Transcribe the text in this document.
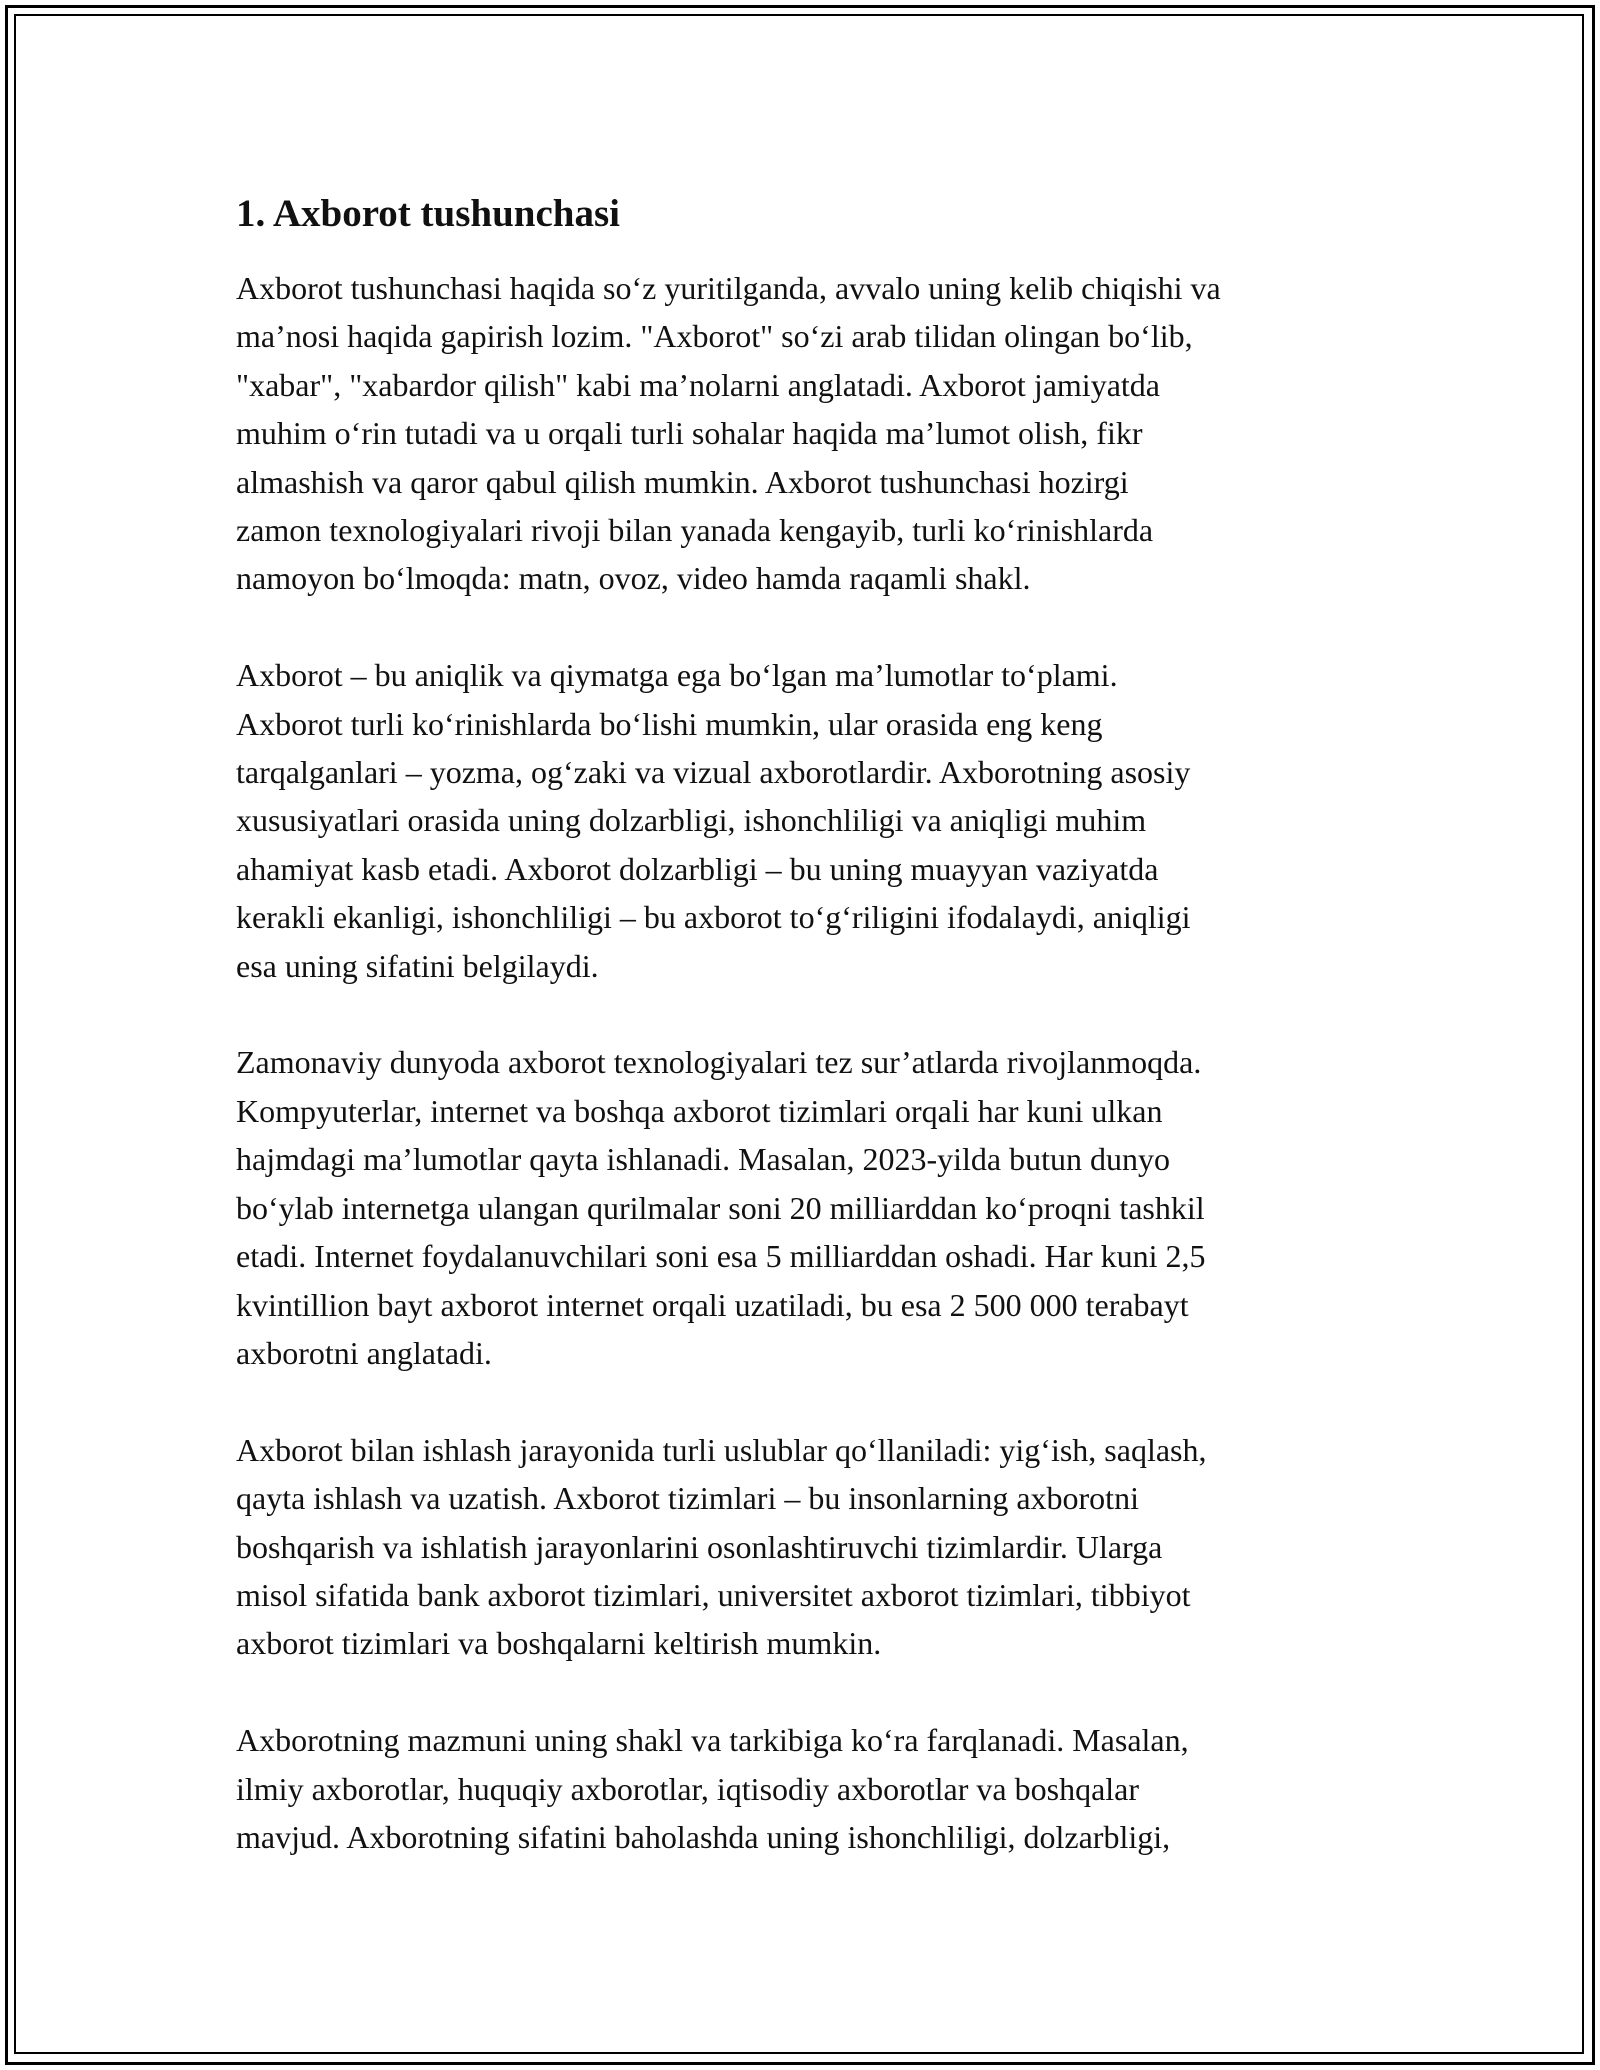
1. Axborot tushunchasi
Axborot tushunchasi haqida so‘z yuritilganda, avvalo uning kelib chiqishi va
ma’nosi haqida gapirish lozim. "Axborot" so‘zi arab tilidan olingan bo‘lib,
"xabar", "xabardor qilish" kabi ma’nolarni anglatadi. Axborot jamiyatda
muhim o‘rin tutadi va u orqali turli sohalar haqida ma’lumot olish, fikr
almashish va qaror qabul qilish mumkin. Axborot tushunchasi hozirgi
zamon texnologiyalari rivoji bilan yanada kengayib, turli ko‘rinishlarda
namoyon bo‘lmoqda: matn, ovoz, video hamda raqamli shakl.
Axborot – bu aniqlik va qiymatga ega bo‘lgan ma’lumotlar to‘plami.
Axborot turli ko‘rinishlarda bo‘lishi mumkin, ular orasida eng keng
tarqalganlari – yozma, og‘zaki va vizual axborotlardir. Axborotning asosiy
xususiyatlari orasida uning dolzarbligi, ishonchliligi va aniqligi muhim
ahamiyat kasb etadi. Axborot dolzarbligi – bu uning muayyan vaziyatda
kerakli ekanligi, ishonchliligi – bu axborot to‘g‘riligini ifodalaydi, aniqligi
esa uning sifatini belgilaydi.
Zamonaviy dunyoda axborot texnologiyalari tez sur’atlarda rivojlanmoqda.
Kompyuterlar, internet va boshqa axborot tizimlari orqali har kuni ulkan
hajmdagi ma’lumotlar qayta ishlanadi. Masalan, 2023-yilda butun dunyo
bo‘ylab internetga ulangan qurilmalar soni 20 milliarddan ko‘proqni tashkil
etadi. Internet foydalanuvchilari soni esa 5 milliarddan oshadi. Har kuni 2,5
kvintillion bayt axborot internet orqali uzatiladi, bu esa 2 500 000 terabayt
axborotni anglatadi.
Axborot bilan ishlash jarayonida turli uslublar qo‘llaniladi: yig‘ish, saqlash,
qayta ishlash va uzatish. Axborot tizimlari – bu insonlarning axborotni
boshqarish va ishlatish jarayonlarini osonlashtiruvchi tizimlardir. Ularga
misol sifatida bank axborot tizimlari, universitet axborot tizimlari, tibbiyot
axborot tizimlari va boshqalarni keltirish mumkin.
Axborotning mazmuni uning shakl va tarkibiga ko‘ra farqlanadi. Masalan,
ilmiy axborotlar, huquqiy axborotlar, iqtisodiy axborotlar va boshqalar
mavjud. Axborotning sifatini baholashda uning ishonchliligi, dolzarbligi,
